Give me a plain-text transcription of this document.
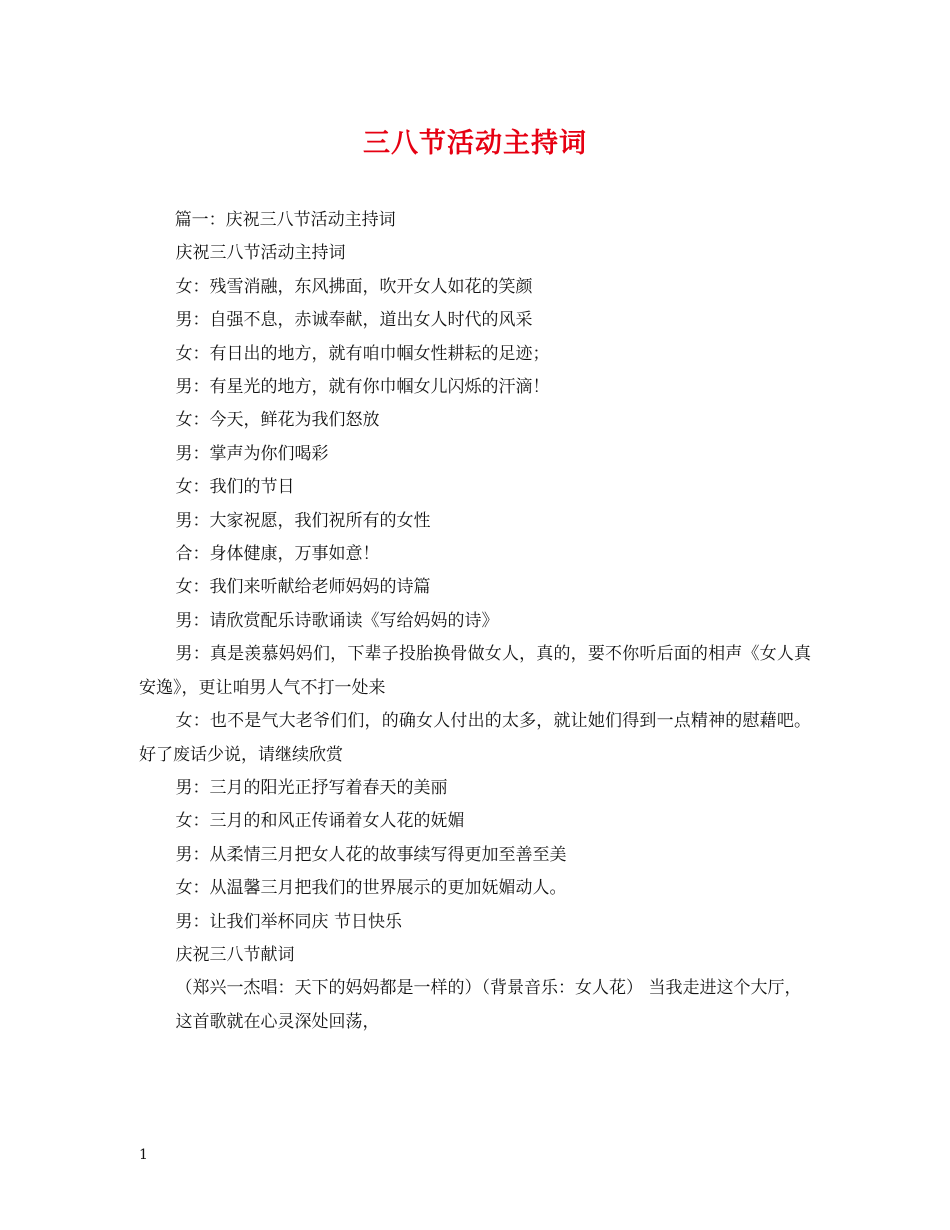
三八节活动主持词

篇一：庆祝三八节活动主持词

庆祝三八节活动主持词

女：残雪消融，东风拂面，吹开女人如花的笑颜

男：自强不息，赤诚奉献，道出女人时代的风采

女：有日出的地方，就有咱巾帼女性耕耘的足迹；

男：有星光的地方，就有你巾帼女儿闪烁的汗滴！

女：今天，鲜花为我们怒放

男：掌声为你们喝彩

女：我们的节日

男：大家祝愿，我们祝所有的女性

合：身体健康，万事如意！

女：我们来听献给老师妈妈的诗篇

男：请欣赏配乐诗歌诵读《写给妈妈的诗》

男：真是羡慕妈妈们，下辈子投胎换骨做女人，真的，要不你听后面的相声《女人真安逸》，更让咱男人气不打一处来

女：也不是气大老爷们们，的确女人付出的太多，就让她们得到一点精神的慰藉吧。好了废话少说，请继续欣赏

男：三月的阳光正抒写着春天的美丽

女：三月的和风正传诵着女人花的妩媚

男：从柔情三月把女人花的故事续写得更加至善至美

女：从温馨三月把我们的世界展示的更加妩媚动人。

男：让我们举杯同庆 节日快乐

庆祝三八节献词

（郑兴一杰唱：天下的妈妈都是一样的）（背景音乐：女人花） 当我走进这个大厅，

这首歌就在心灵深处回荡，

1
